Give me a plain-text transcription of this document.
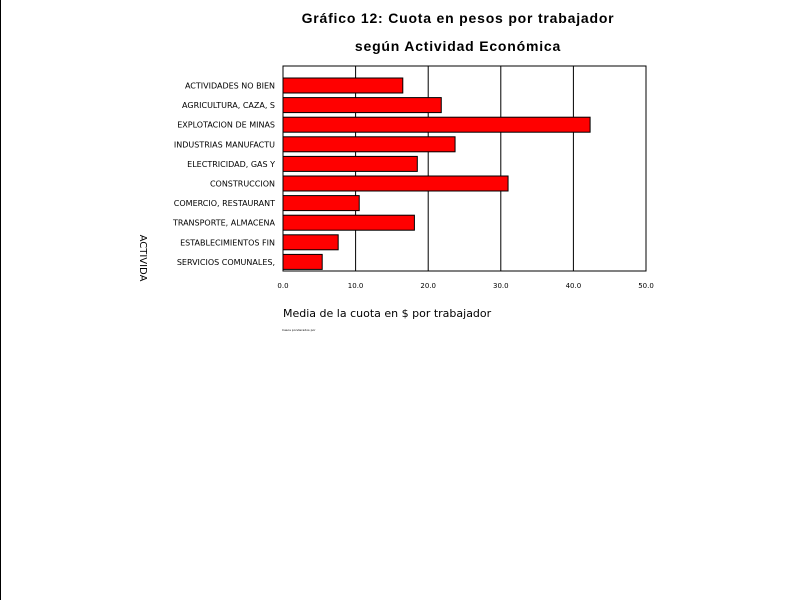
Gráfico 12: Cuota en pesos por trabajador
según Actividad Económica
ACTIVIDADES NO BIEN
AGRICULTURA, CAZA, S
EXPLOTACION DE MINAS
INDUSTRIAS MANUFACTU
ELECTRICIDAD, GAS Y
CONSTRUCCION
COMERCIO, RESTAURANT
TRANSPORTE, ALMACENA
ESTABLECIMIENTOS FIN
SERVICIOS COMUNALES,
0.0	10.0	20.0	30.0	40.0	50.0
Media de la cuota en $ por trabajador
ACTIVIDA
Casos ponderados por
